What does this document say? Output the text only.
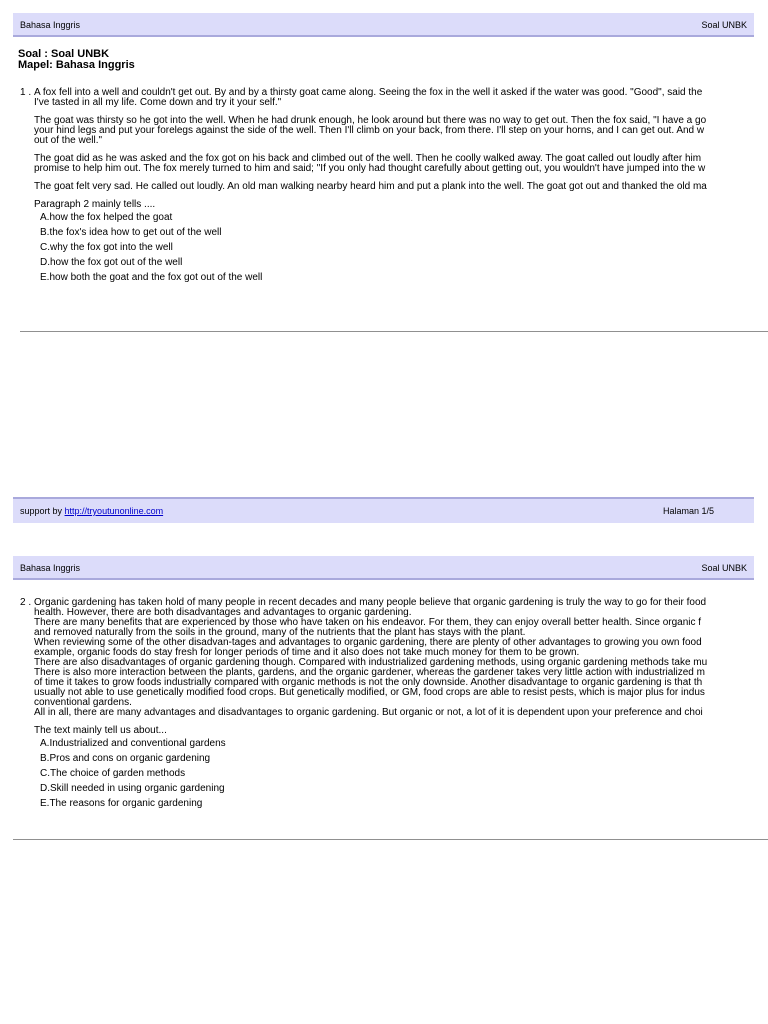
Bahasa Inggris	Soal UNBK
Soal : Soal UNBK
Mapel: Bahasa Inggris
1 . A fox fell into a well and couldn't get out. By and by a thirsty goat came along. Seeing the fox in the well it asked if the water was good. "Good", said the

I've tasted in all my life. Come down and try it your self."

The goat was thirsty so he got into the well. When he had drunk enough, he look around but there was no way to get out. Then the fox said, "I have a go

your hind legs and put your forelegs against the side of the well. Then I'll climb on your back, from there. I'll step on your horns, and I can get out. And w

out of the well."

The goat did as he was asked and the fox got on his back and climbed out of the well. Then he coolly walked away. The goat called out loudly after him

promise to help him out. The fox merely turned to him and said; "If you only had thought carefully about getting out, you wouldn't have jumped into the w

The goat felt very sad. He called out loudly. An old man walking nearby heard him and put a plank into the well. The goat got out and thanked the old ma

Paragraph 2 mainly tells ....

A.how the fox helped the goat
B.the fox's idea how to get out of the well
C.why the fox got into the well
D.how the fox got out of the well
E.how both the goat and the fox got out of the well
support by http://tryoutunonline.com	Halaman 1/5
Bahasa Inggris	Soal UNBK
2 . Organic gardening has taken hold of many people in recent decades and many people believe that organic gardening is truly the way to go for their food

health. However, there are both disadvantages and advantages to organic gardening.

There are many benefits that are experienced by those who have taken on his endeavor. For them, they can enjoy overall better health. Since organic f

and removed naturally from the soils in the ground, many of the nutrients that the plant has stays with the plant.

When reviewing some of the other disadvan-tages and advantages to organic gardening, there are plenty of other advantages to growing you own food

example, organic foods do stay fresh for longer periods of time and it also does not take much money for them to be grown.

There are also disadvantages of organic gardening though. Compared with industrialized gardening methods, using organic gardening methods take mu

There is also more interaction between the plants, gardens, and the organic gardener, whereas the gardener takes very little action with industrialized m

of time it takes to grow foods industrially compared with organic methods is not the only downside. Another disadvantage to organic gardening is that th

usually not able to use genetically modified food crops. But genetically modified, or GM, food crops are able to resist pests, which is major plus for indus

conventional gardens.

All in all, there are many advantages and disadvantages to organic gardening. But organic or not, a lot of it is dependent upon your preference and choi

The text mainly tell us about...

A.Industrialized and conventional gardens
B.Pros and cons on organic gardening
C.The choice of garden methods
D.Skill needed in using organic gardening
E.The reasons for organic gardening
